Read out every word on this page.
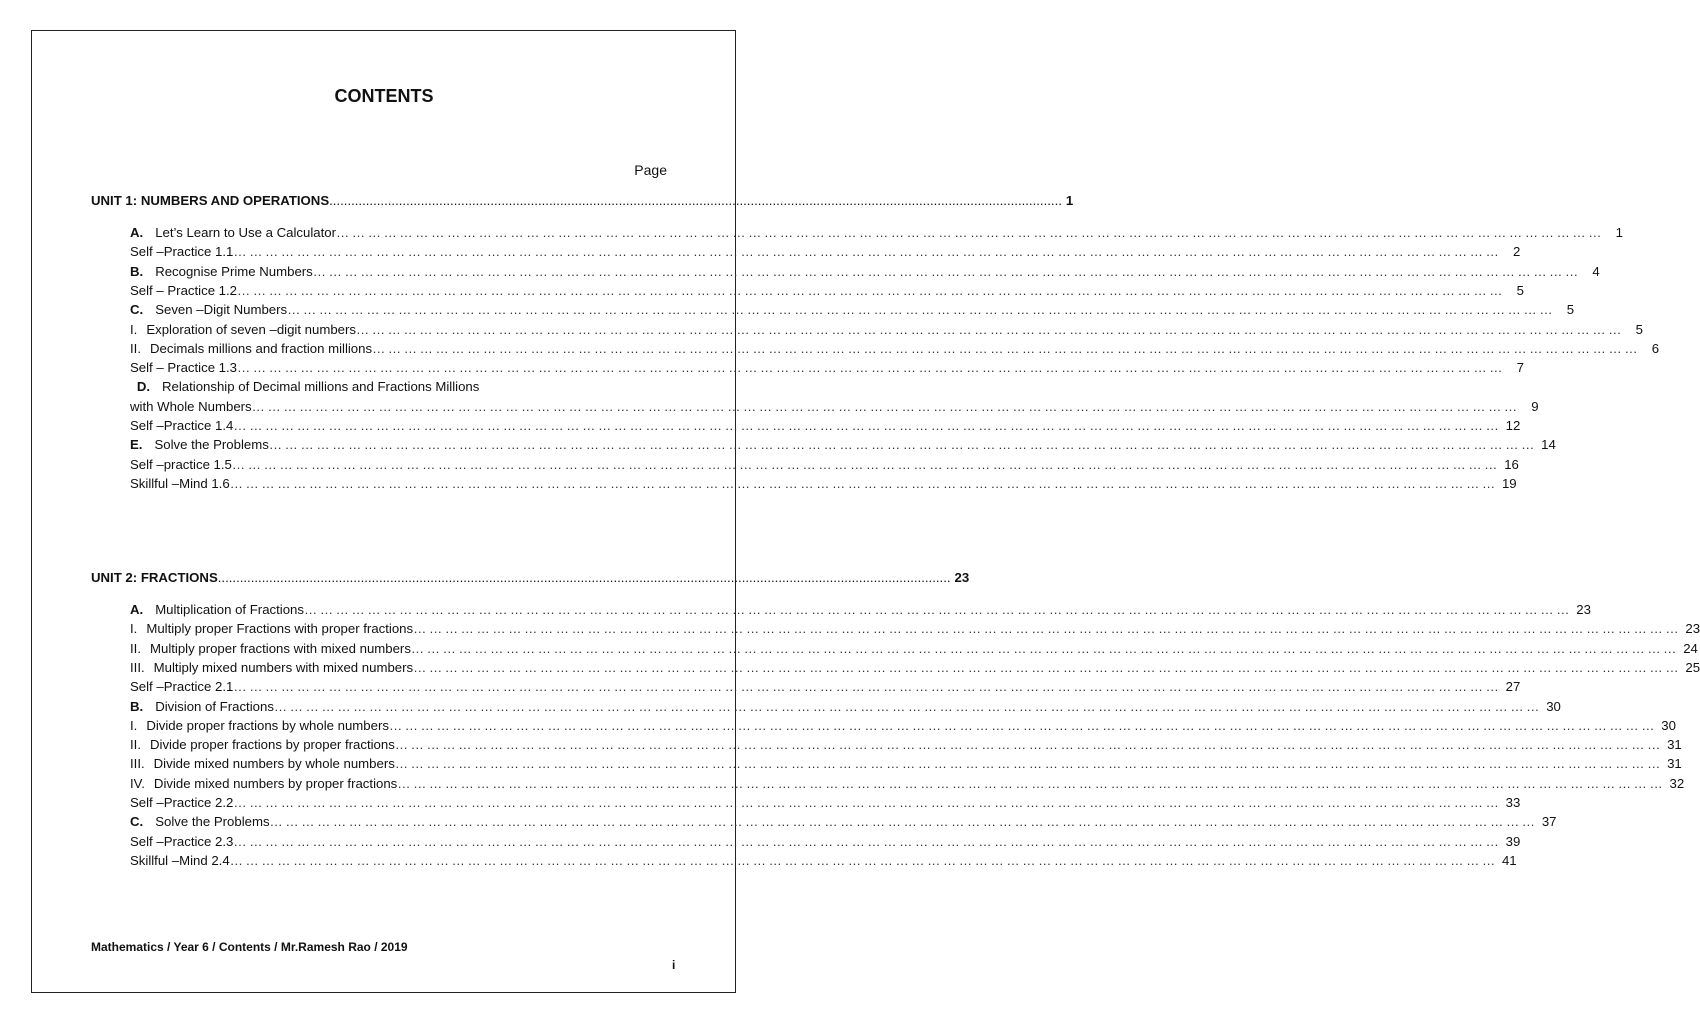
CONTENTS
Page
UNIT 1: NUMBERS AND OPERATIONS ........................................................................................................................................................................................................ 1
A. Let’s Learn to Use a Calculator … … … … … … … … … … … … … … … … … … … … … … … … … … … … … … … … … … … … … … … … … … … … … … … … … … … … … … … … … … … … … … … … … … … … … … … … … … … … … … … …	1
Self –Practice 1.1 … … … … … … … … … … … … … … … … … … … … … … … … … … … … … … … … … … … … … … … … … … … … … … … … … … … … … … … … … … … … … … … … … … … … … … … … … … … … … … … …	2
B. Recognise Prime Numbers … … … … … … … … … … … … … … … … … … … … … … … … … … … … … … … … … … … … … … … … … … … … … … … … … … … … … … … … … … … … … … … … … … … … … … … … … … … … … … … …	4
Self – Practice 1.2 … … … … … … … … … … … … … … … … … … … … … … … … … … … … … … … … … … … … … … … … … … … … … … … … … … … … … … … … … … … … … … … … … … … … … … … … … … … … … … … …	5
C. Seven –Digit Numbers … … … … … … … … … … … … … … … … … … … … … … … … … … … … … … … … … … … … … … … … … … … … … … … … … … … … … … … … … … … … … … … … … … … … … … … … … … … … … … … …	5
I. Exploration of seven –digit numbers … … … … … … … … … … … … … … … … … … … … … … … … … … … … … … … … … … … … … … … … … … … … … … … … … … … … … … … … … … … … … … … … … … … … … … … … … … … … … … … …	5
II. Decimals millions and fraction millions … … … … … … … … … … … … … … … … … … … … … … … … … … … … … … … … … … … … … … … … … … … … … … … … … … … … … … … … … … … … … … … … … … … … … … … … … … … … … … … …	6
Self – Practice 1.3 … … … … … … … … … … … … … … … … … … … … … … … … … … … … … … … … … … … … … … … … … … … … … … … … … … … … … … … … … … … … … … … … … … … … … … … … … … … … … … … …	7
D. Relationship of Decimal millions and Fractions Millions
with Whole Numbers … … … … … … … … … … … … … … … … … … … … … … … … … … … … … … … … … … … … … … … … … … … … … … … … … … … … … … … … … … … … … … … … … … … … … … … … … … … … … … … …	9
Self –Practice 1.4 … … … … … … … … … … … … … … … … … … … … … … … … … … … … … … … … … … … … … … … … … … … … … … … … … … … … … … … … … … … … … … … … … … … … … … … … … … … … … … … … 12
E. Solve the Problems … … … … … … … … … … … … … … … … … … … … … … … … … … … … … … … … … … … … … … … … … … … … … … … … … … … … … … … … … … … … … … … … … … … … … … … … … … … … … … … … 14
Self –practice 1.5 … … … … … … … … … … … … … … … … … … … … … … … … … … … … … … … … … … … … … … … … … … … … … … … … … … … … … … … … … … … … … … … … … … … … … … … … … … … … … … … … 16
Skillful –Mind 1.6 … … … … … … … … … … … … … … … … … … … … … … … … … … … … … … … … … … … … … … … … … … … … … … … … … … … … … … … … … … … … … … … … … … … … … … … … … … … … … … … … 19
UNIT 2: FRACTIONS ........................................................................................................................................................................................................ 23
A. Multiplication of Fractions … … … … … … … … … … … … … … … … … … … … … … … … … … … … … … … … … … … … … … … … … … … … … … … … … … … … … … … … … … … … … … … … … … … … … … … … … … … … … … … … 23
I. Multiply proper Fractions with proper fractions … … … … … … … … … … … … … … … … … … … … … … … … … … … … … … … … … … … … … … … … … … … … … … … … … … … … … … … … … … … … … … … … … … … … … … … … … … … … … … … … 23
II. Multiply proper fractions with mixed numbers … … … … … … … … … … … … … … … … … … … … … … … … … … … … … … … … … … … … … … … … … … … … … … … … … … … … … … … … … … … … … … … … … … … … … … … … … … … … … … … … 24
III. Multiply mixed numbers with mixed numbers … … … … … … … … … … … … … … … … … … … … … … … … … … … … … … … … … … … … … … … … … … … … … … … … … … … … … … … … … … … … … … … … … … … … … … … … … … … … … … … … 25
Self –Practice 2.1 … … … … … … … … … … … … … … … … … … … … … … … … … … … … … … … … … … … … … … … … … … … … … … … … … … … … … … … … … … … … … … … … … … … … … … … … … … … … … … … … 27
B. Division of Fractions … … … … … … … … … … … … … … … … … … … … … … … … … … … … … … … … … … … … … … … … … … … … … … … … … … … … … … … … … … … … … … … … … … … … … … … … … … … … … … … … 30
I. Divide proper fractions by whole numbers … … … … … … … … … … … … … … … … … … … … … … … … … … … … … … … … … … … … … … … … … … … … … … … … … … … … … … … … … … … … … … … … … … … … … … … … … … … … … … … … 30
II. Divide proper fractions by proper fractions … … … … … … … … … … … … … … … … … … … … … … … … … … … … … … … … … … … … … … … … … … … … … … … … … … … … … … … … … … … … … … … … … … … … … … … … … … … … … … … … 31
III. Divide mixed numbers by whole numbers … … … … … … … … … … … … … … … … … … … … … … … … … … … … … … … … … … … … … … … … … … … … … … … … … … … … … … … … … … … … … … … … … … … … … … … … … … … … … … … … 31
IV. Divide mixed numbers by proper fractions … … … … … … … … … … … … … … … … … … … … … … … … … … … … … … … … … … … … … … … … … … … … … … … … … … … … … … … … … … … … … … … … … … … … … … … … … … … … … … … … 32
Self –Practice 2.2 … … … … … … … … … … … … … … … … … … … … … … … … … … … … … … … … … … … … … … … … … … … … … … … … … … … … … … … … … … … … … … … … … … … … … … … … … … … … … … … … 33
C. Solve the Problems … … … … … … … … … … … … … … … … … … … … … … … … … … … … … … … … … … … … … … … … … … … … … … … … … … … … … … … … … … … … … … … … … … … … … … … … … … … … … … … … 37
Self –Practice 2.3 … … … … … … … … … … … … … … … … … … … … … … … … … … … … … … … … … … … … … … … … … … … … … … … … … … … … … … … … … … … … … … … … … … … … … … … … … … … … … … … … 39
Skillful –Mind 2.4 … … … … … … … … … … … … … … … … … … … … … … … … … … … … … … … … … … … … … … … … … … … … … … … … … … … … … … … … … … … … … … … … … … … … … … … … … … … … … … … … 41
Mathematics / Year 6 / Contents / Mr.Ramesh Rao / 2019
i
